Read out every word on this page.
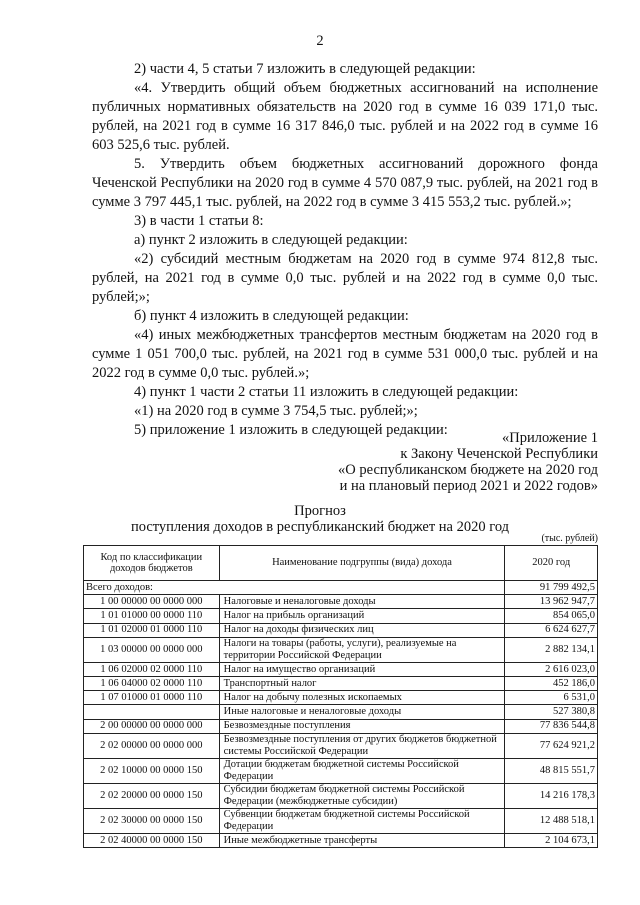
2

2) части 4, 5 статьи 7 изложить в следующей редакции:

«4. Утвердить общий объем бюджетных ассигнований на исполнение публичных нормативных обязательств на 2020 год в сумме 16 039 171,0 тыс. рублей, на 2021 год в сумме 16 317 846,0 тыс. рублей и на 2022 год в сумме 16 603 525,6 тыс. рублей.

5. Утвердить объем бюджетных ассигнований дорожного фонда Чеченской Республики на 2020 год в сумме 4 570 087,9 тыс. рублей, на 2021 год в сумме 3 797 445,1 тыс. рублей, на 2022 год в сумме 3 415 553,2 тыс. рублей.»;

3) в части 1 статьи 8:

а) пункт 2 изложить в следующей редакции:

«2) субсидий местным бюджетам на 2020 год в сумме 974 812,8 тыс. рублей, на 2021 год в сумме 0,0 тыс. рублей и на 2022 год в сумме 0,0 тыс. рублей;»;

б) пункт 4 изложить в следующей редакции:

«4) иных межбюджетных трансфертов местным бюджетам на 2020 год в сумме 1 051 700,0 тыс. рублей, на 2021 год в сумме 531 000,0 тыс. рублей и на 2022 год в сумме 0,0 тыс. рублей.»;

4) пункт 1 части 2 статьи 11 изложить в следующей редакции:

«1) на 2020 год в сумме 3 754,5 тыс. рублей;»;

5) приложение 1 изложить в следующей редакции:	«Приложение 1
к Закону Чеченской Республики
«О республиканском бюджете на 2020 год
и на плановый период 2021 и 2022 годов»
Прогноз
поступления доходов в республиканский бюджет на 2020 год
(тыс. рублей)
Код по классификации доходов бюджетов	Наименование подгруппы (вида) дохода	2020 год
Всего доходов:		91 799 492,5
1 00 00000 00 0000 000	Налоговые и неналоговые доходы	13 962 947,7
1 01 01000 00 0000 110	Налог на прибыль организаций	854 065,0
1 01 02000 01 0000 110	Налог на доходы физических лиц	6 624 627,7
1 03 00000 00 0000 000	Налоги на товары (работы, услуги), реализуемые на территории Российской Федерации	2 882 134,1
1 06 02000 02 0000 110	Налог на имущество организаций	2 616 023,0
1 06 04000 02 0000 110	Транспортный налог	452 186,0
1 07 01000 01 0000 110	Налог на добычу полезных ископаемых	6 531,0
	Иные налоговые и неналоговые доходы	527 380,8
2 00 00000 00 0000 000	Безвозмездные поступления	77 836 544,8
2 02 00000 00 0000 000	Безвозмездные поступления от других бюджетов бюджетной системы Российской Федерации	77 624 921,2
2 02 10000 00 0000 150	Дотации бюджетам бюджетной системы Российской Федерации	48 815 551,7
2 02 20000 00 0000 150	Субсидии бюджетам бюджетной системы Российской Федерации (межбюджетные субсидии)	14 216 178,3
2 02 30000 00 0000 150	Субвенции бюджетам бюджетной системы Российской Федерации	12 488 518,1
2 02 40000 00 0000 150	Иные межбюджетные трансферты	2 104 673,1
